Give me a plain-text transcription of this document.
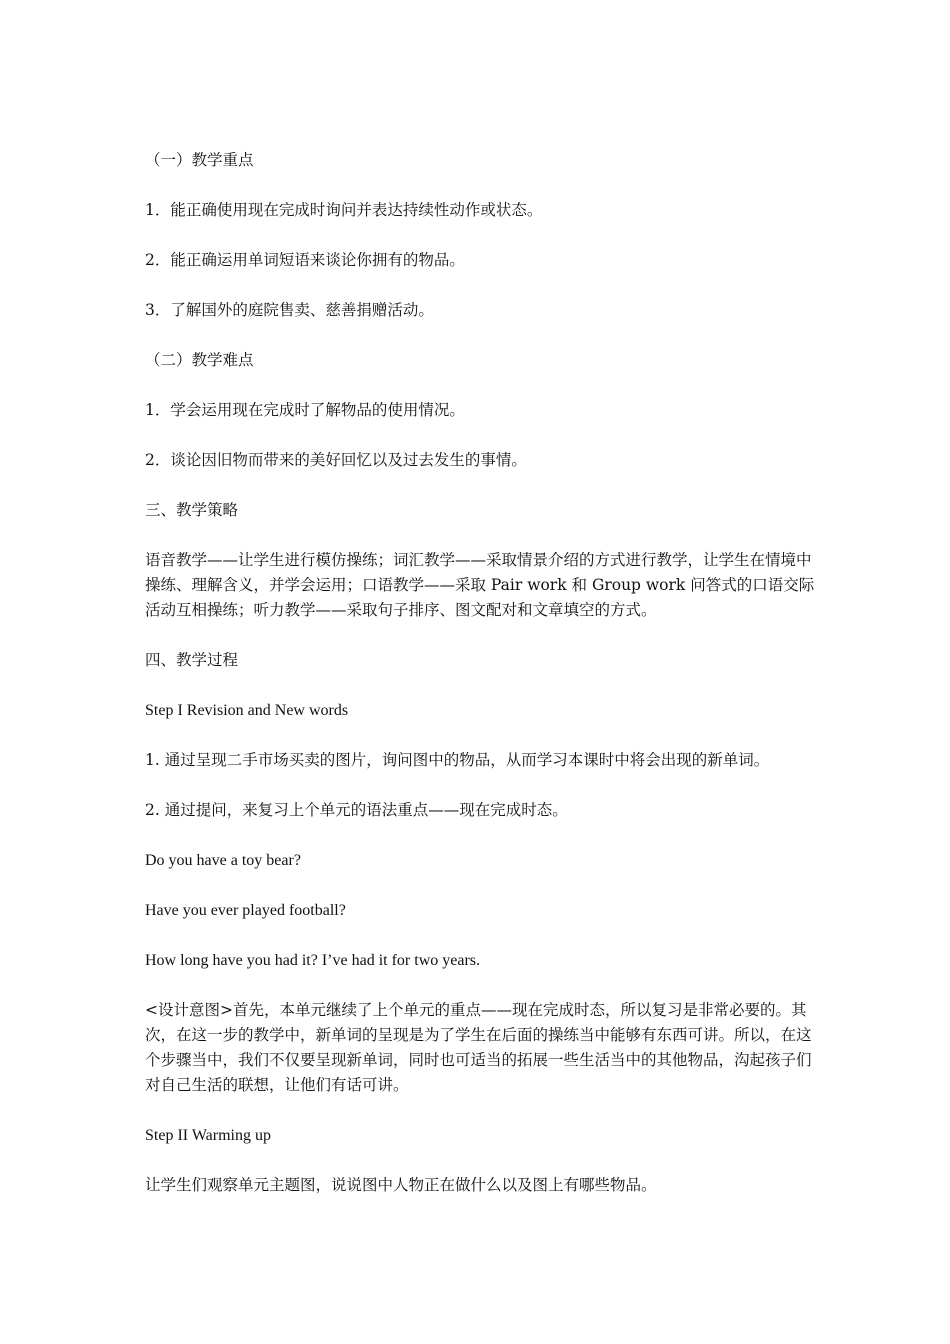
（一）教学重点

1．能正确使用现在完成时询问并表达持续性动作或状态。

2．能正确运用单词短语来谈论你拥有的物品。

3．了解国外的庭院售卖、慈善捐赠活动。

（二）教学难点

1．学会运用现在完成时了解物品的使用情况。

2．谈论因旧物而带来的美好回忆以及过去发生的事情。

三、教学策略

语音教学——让学生进行模仿操练；词汇教学——采取情景介绍的方式进行教学，让学生在情境中操练、理解含义，并学会运用；口语教学——采取 Pair work 和 Group work 问答式的口语交际活动互相操练；听力教学——采取句子排序、图文配对和文章填空的方式。

四、教学过程

Step I Revision and New words

1. 通过呈现二手市场买卖的图片，询问图中的物品，从而学习本课时中将会出现的新单词。

2. 通过提问，来复习上个单元的语法重点——现在完成时态。

Do you have a toy bear?

Have you ever played football?

How long have you had it? I’ve had it for two years.

<设计意图>首先，本单元继续了上个单元的重点——现在完成时态，所以复习是非常必要的。其次，在这一步的教学中，新单词的呈现是为了学生在后面的操练当中能够有东西可讲。所以，在这个步骤当中，我们不仅要呈现新单词，同时也可适当的拓展一些生活当中的其他物品，沟起孩子们对自己生活的联想，让他们有话可讲。

Step II Warming up

让学生们观察单元主题图，说说图中人物正在做什么以及图上有哪些物品。
